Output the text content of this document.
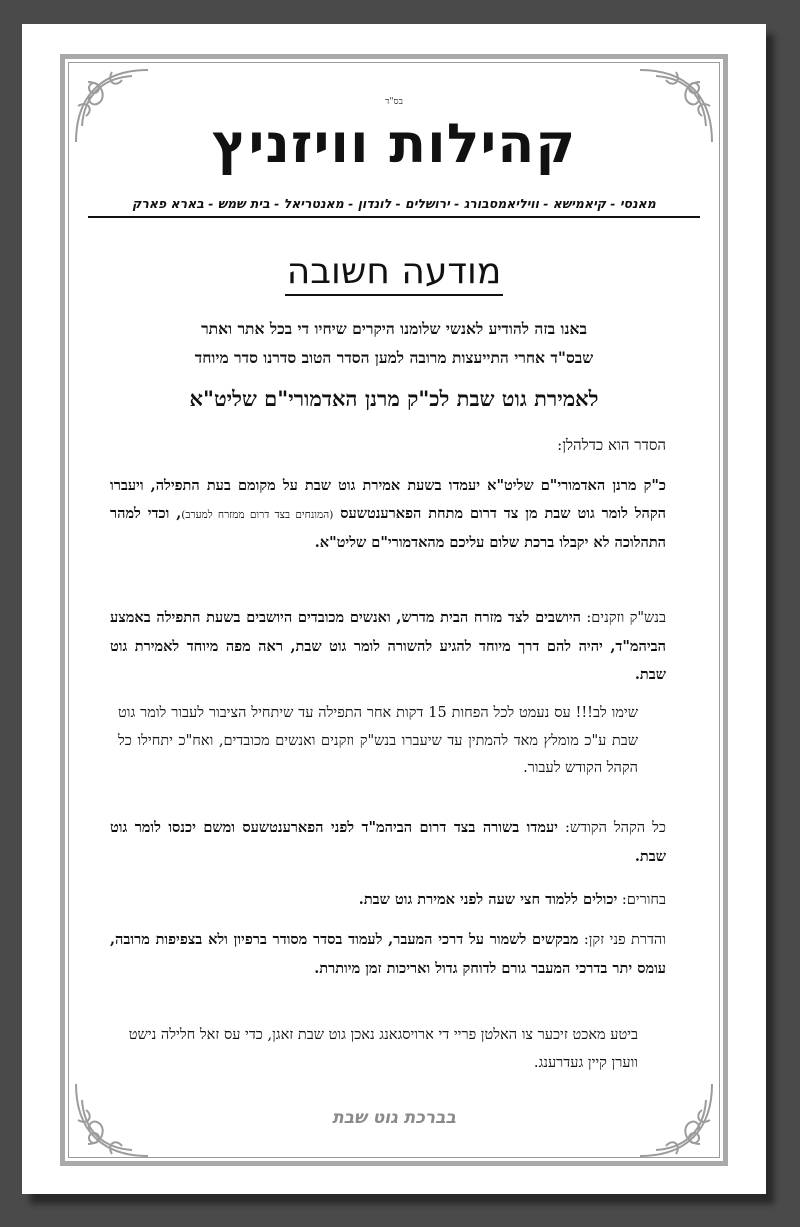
בס"ד
קהילות וויזניץ
מאנסי - קיאמישא - וויליאמסבורג - ירושלים - לונדון - מאנטריאל - בית שמש - בארא פארק
מודעה חשובה
באנו בזה להודיע לאנשי שלומנו היקרים שיחיו די בכל אתר ואתר
שבס"ד אחרי התייעצות מרובה למען הסדר הטוב סדרנו סדר מיוחד
לאמירת גוט שבת לכ"ק מרנן האדמורי"ם שליט"א
הסדר הוא כדלהלן:
כ"ק מרנן האדמורי"ם שליט"א יעמדו בשעת אמירת גוט שבת על מקומם בעת התפילה, ויעברו הקהל לומר גוט שבת מן צד דרום מתחת הפארענטשעס (המונחים בצד דרום ממזרח למערב), וכדי למהר התהלוכה לא יקבלו ברכת שלום עליכם מהאדמורי"ם שליט"א.
בנש"ק וזקנים: היושבים לצד מזרח הבית מדרש, ואנשים מכובדים היושבים בשעת התפילה באמצע הביהמ"ד, יהיה להם דרך מיוחד להגיע להשורה לומר גוט שבת, ראה מפה מיוחד לאמירת גוט שבת.
שימו לב!!! עס נעמט לכל הפחות 15 דקות אחר התפילה עד שיתחיל הציבור לעבור לומר גוט שבת ע"כ מומלץ מאד להמתין עד שיעברו בנש"ק וזקנים ואנשים מכובדים, ואח"כ יתחילו כל הקהל הקודש לעבור.
כל הקהל הקודש: יעמדו בשורה בצד דרום הביהמ"ד לפני הפארענטשעס ומשם יכנסו לומר גוט שבת.
בחורים: יכולים ללמוד חצי שעה לפני אמירת גוט שבת.
והדרת פני זקן: מבקשים לשמור על דרכי המעבר, לעמוד בסדר מסודר ברפיון ולא בצפיפות מרובה, עומס יתר בדרכי המעבר גורם לדוחק גדול ואריכות זמן מיותרת.
ביטע מאכט זיכער צו האלטן פריי די ארויסגאנג נאכן גוט שבת זאגן, כדי עס זאל חלילה נישט ווערן קיין געדרענג.
בברכת גוט שבת
